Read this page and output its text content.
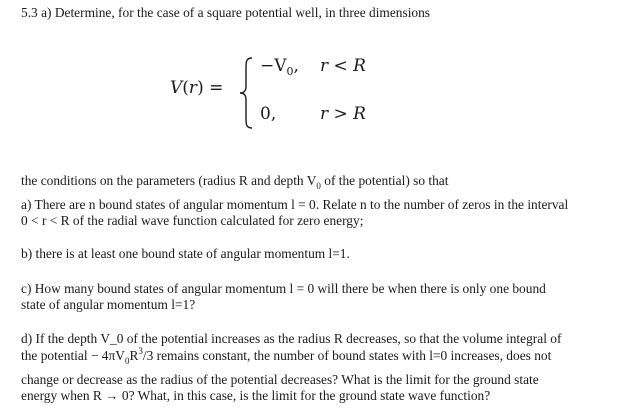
5.3 a) Determine, for the case of a square potential well, in three dimensions
V(r) =
$-V_0$, r < R
0,	r > R
the conditions on the parameters (radius R and depth $V_0$ of the potential) so that
a) There are n bound states of angular momentum l = 0. Relate n to the number of zeros in the interval
0 < r < R of the radial wave function calculated for zero energy;
b) there is at least one bound state of angular momentum l=1.
c) How many bound states of angular momentum l = 0 will there be when there is only one bound
state of angular momentum l=1?
d) If the depth V_0 of the potential increases as the radius R decreases, so that the volume integral of
the potential − $4\pi V_0R^3/3$ remains constant, the number of bound states with l=0 increases, does not
change or decrease as the radius of the potential decreases? What is the limit for the ground state
energy when R → 0? What, in this case, is the limit for the ground state wave function?
